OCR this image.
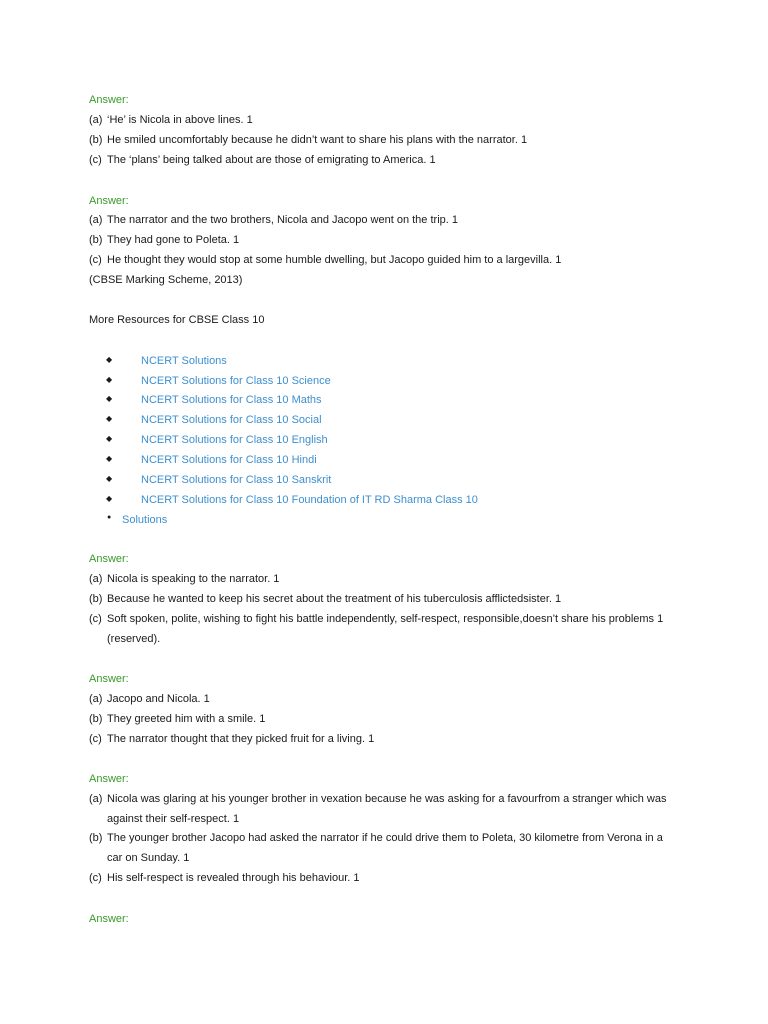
Answer:
(a) ‘He’ is Nicola in above lines. 1
(b) He smiled uncomfortably because he didn’t want to share his plans with the narrator. 1
(c) The ‘plans’ being talked about are those of emigrating to America. 1
Answer:
(a) The narrator and the two brothers, Nicola and Jacopo went on the trip. 1
(b) They had gone to Poleta. 1
(c) He thought they would stop at some humble dwelling, but Jacopo guided him to a largevilla. 1
(CBSE Marking Scheme, 2013)
More Resources for CBSE Class 10
◆	NCERT Solutions
◆	NCERT Solutions for Class 10 Science
◆	NCERT Solutions for Class 10 Maths
◆	NCERT Solutions for Class 10 Social
◆	NCERT Solutions for Class 10 English
◆	NCERT Solutions for Class 10 Hindi
◆	NCERT Solutions for Class 10 Sanskrit
◆	NCERT Solutions for Class 10 Foundation of IT RD Sharma Class 10
● Solutions
Answer:
(a) Nicola is speaking to the narrator. 1
(b) Because he wanted to keep his secret about the treatment of his tuberculosis afflictedsister. 1
(c) Soft spoken, polite, wishing to fight his battle independently, self-respect, responsible,doesn’t share his problems 1
(reserved).
Answer:
(a) Jacopo and Nicola. 1
(b) They greeted him with a smile. 1
(c) The narrator thought that they picked fruit for a living. 1
Answer:
(a) Nicola was glaring at his younger brother in vexation because he was asking for a favourfrom a stranger which was
against their self-respect. 1
(b) The younger brother Jacopo had asked the narrator if he could drive them to Poleta, 30 kilometre from Verona in a
car on Sunday. 1
(c) His self-respect is revealed through his behaviour. 1
Answer:
